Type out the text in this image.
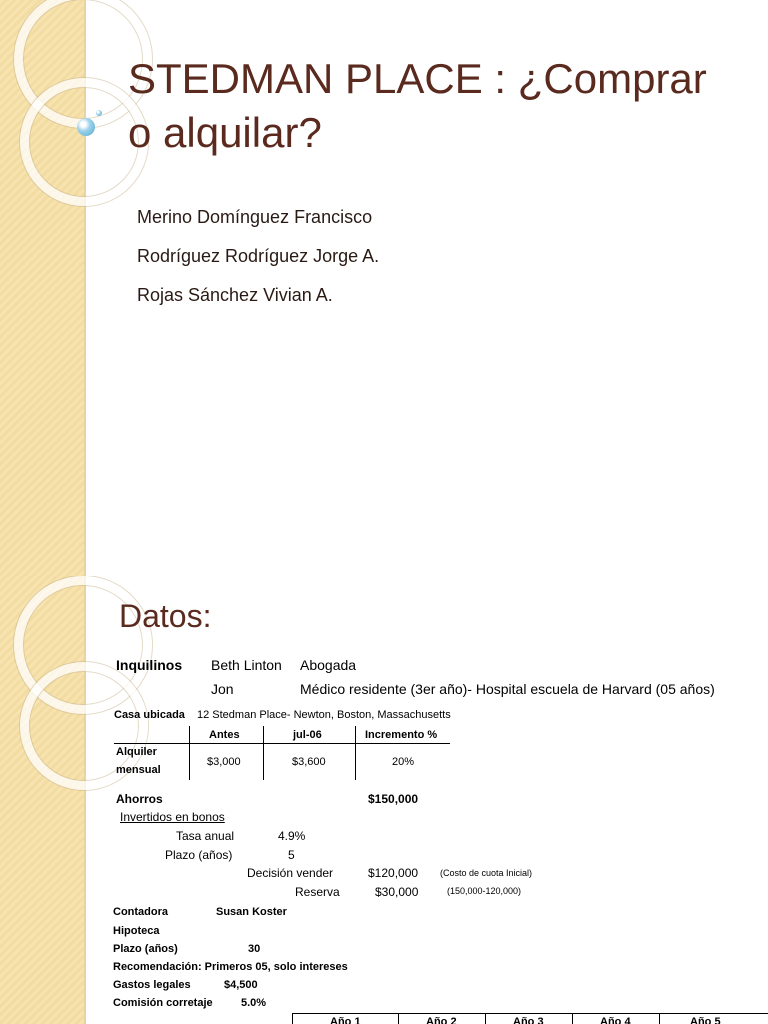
STEDMAN PLACE : ¿Comprar
o alquilar?
Merino Domínguez Francisco
Rodríguez Rodríguez Jorge A.
Rojas Sánchez Vivian A.
Datos:
Inquilinos Beth Linton Abogada
Jon	Médico residente (3er año)- Hospital escuela de Harvard (05 años)
Casa ubicada 12 Stedman Place- Newton, Boston, Massachusetts
Antes	jul-06	Incremento %
Alquiler
mensual
$3,000	$3,600	20%
Ahorros	$150,000
Invertidos en bonos
Tasa anual	4.9%
Plazo (años)	5
Decisión vender	$120,000 (Costo de cuota Inicial)
Reserva	$30,000	(150,000-120,000)
Contadora	Susan Koster
Hipoteca
Plazo (años)	30
Recomendación: Primeros 05, solo intereses
Gastos legales	$4,500
Comisión corretaje	5.0%
Año 1	Año 2	Año 3	Año 4	Año 5
